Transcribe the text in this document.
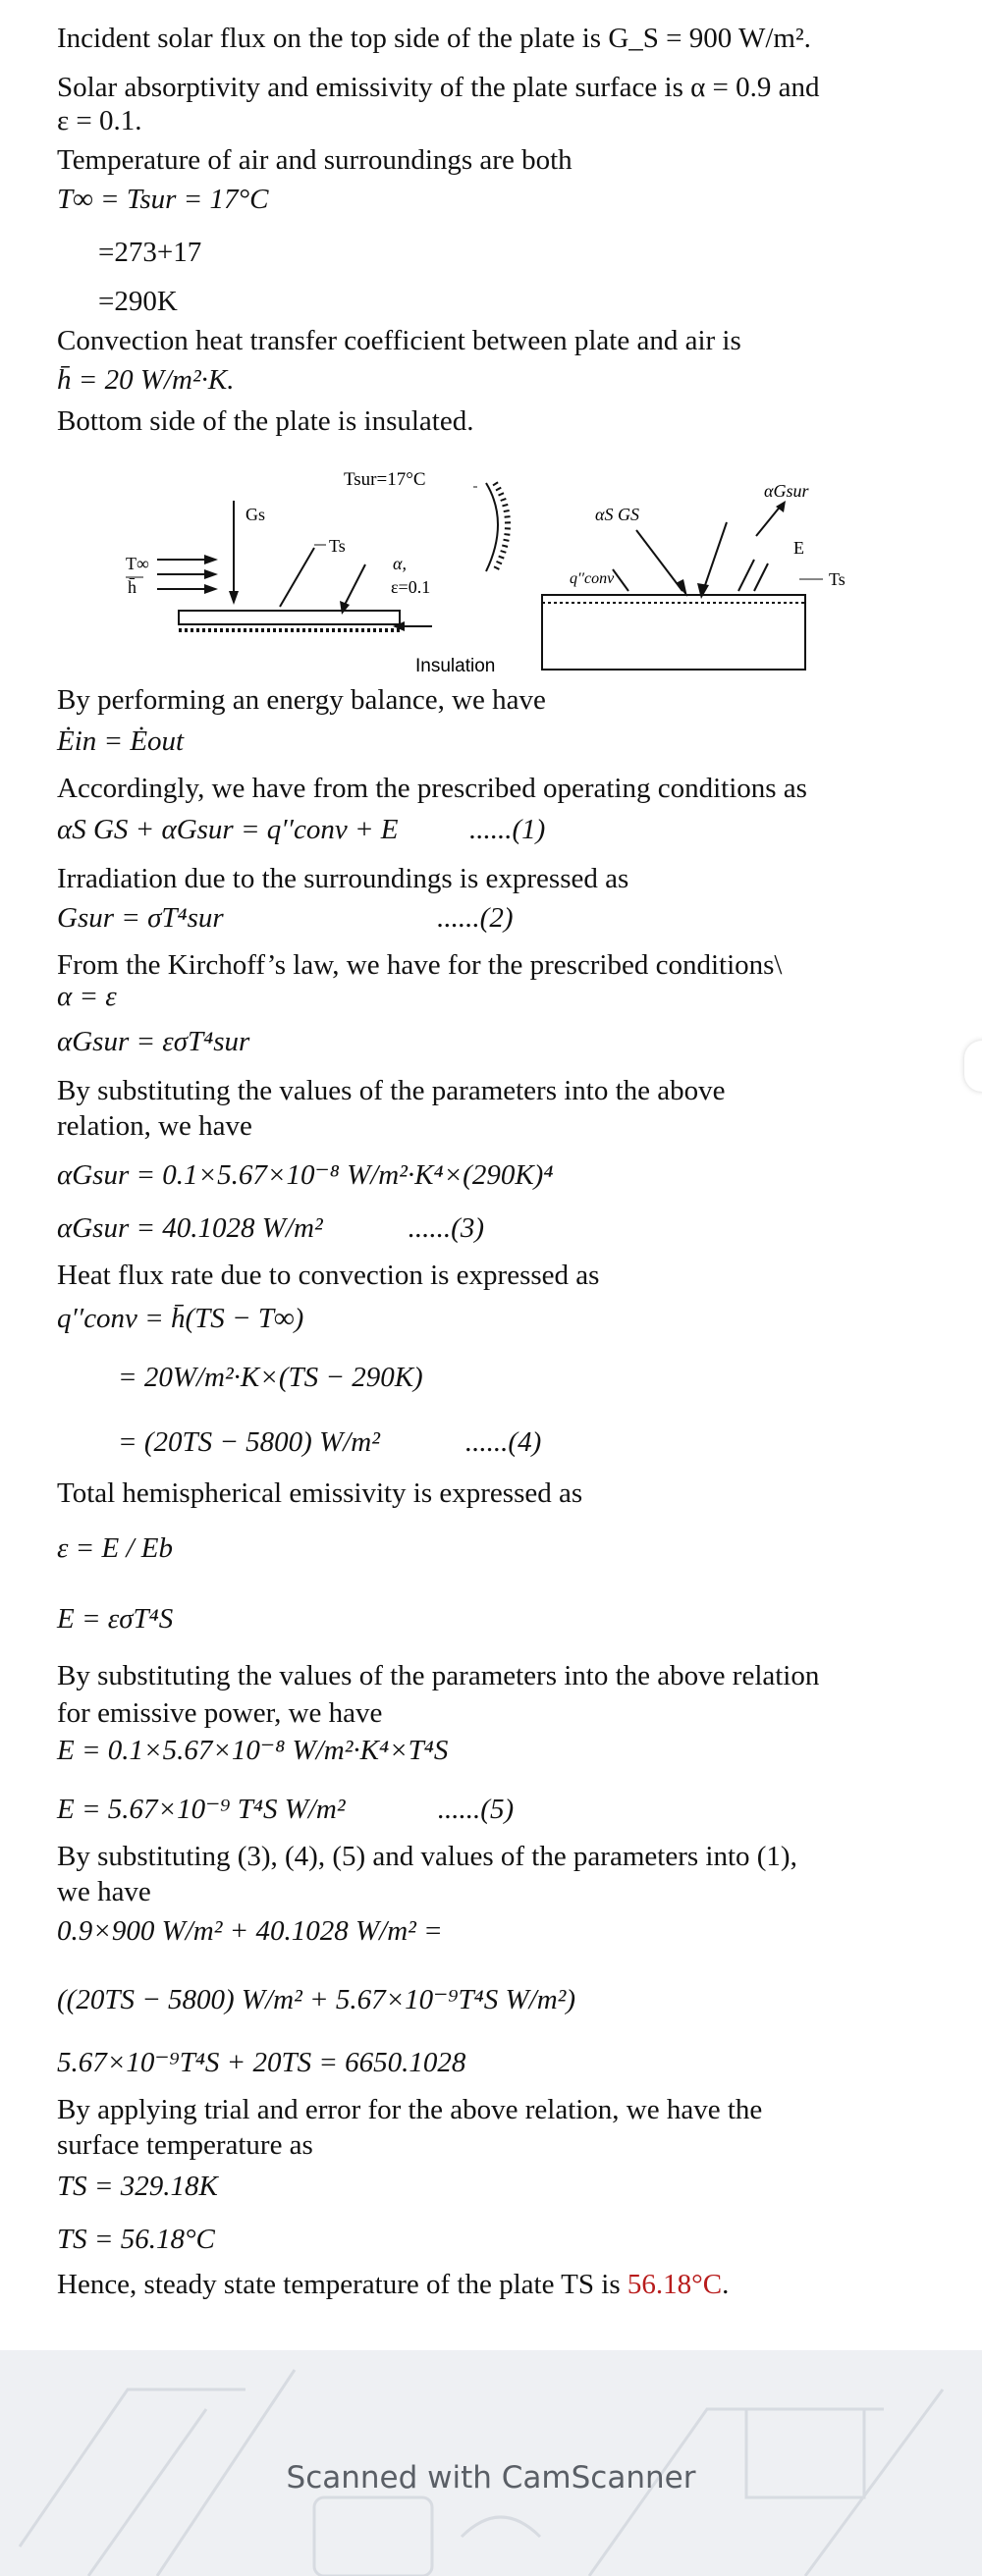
Incident solar flux on the top side of the plate is G_S = 900 W/m².
Solar absorptivity and emissivity of the plate surface is α = 0.9 and
ε = 0.1.
Temperature of air and surroundings are both
T∞ = Tsur = 17°C
=273+17
=290K
Convection heat transfer coefficient between plate and air is
h̄ = 20 W/m²·K.
Bottom side of the plate is insulated.
Tsur=17°C
Gs
Ts
α,
ε=0.1
T∞
h̄
Insulation
αS GS
αGsur
q′′conv
E
Ts
By performing an energy balance, we have
Ėin = Ėout
Accordingly, we have from the prescribed operating conditions as
αS GS + αGsur = q′′conv + E          ......(1)
Irradiation due to the surroundings is expressed as
Gsur = σT⁴sur                              ......(2)
From the Kirchoff’s law, we have for the prescribed conditions\
α = ε
αGsur = εσT⁴sur
By substituting the values of the parameters into the above
relation, we have
αGsur = 0.1×5.67×10⁻⁸ W/m²·K⁴×(290K)⁴
αGsur = 40.1028 W/m²            ......(3)
Heat flux rate due to convection is expressed as
q′′conv = h̄(TS − T∞)
= 20W/m²·K×(TS − 290K)
= (20TS − 5800) W/m²            ......(4)
Total hemispherical emissivity is expressed as
ε = E / Eb
E = εσT⁴S
By substituting the values of the parameters into the above relation
for emissive power, we have
E = 0.1×5.67×10⁻⁸ W/m²·K⁴×T⁴S
E = 5.67×10⁻⁹ T⁴S W/m²             ......(5)
By substituting (3), (4), (5) and values of the parameters into (1),
we have
0.9×900 W/m² + 40.1028 W/m² =
((20TS − 5800) W/m² + 5.67×10⁻⁹T⁴S W/m²)
5.67×10⁻⁹T⁴S + 20TS = 6650.1028
By applying trial and error for the above relation, we have the
surface temperature as
TS = 329.18K
TS = 56.18°C
Hence, steady state temperature of the plate TS is 56.18°C.
Scanned with CamScanner
